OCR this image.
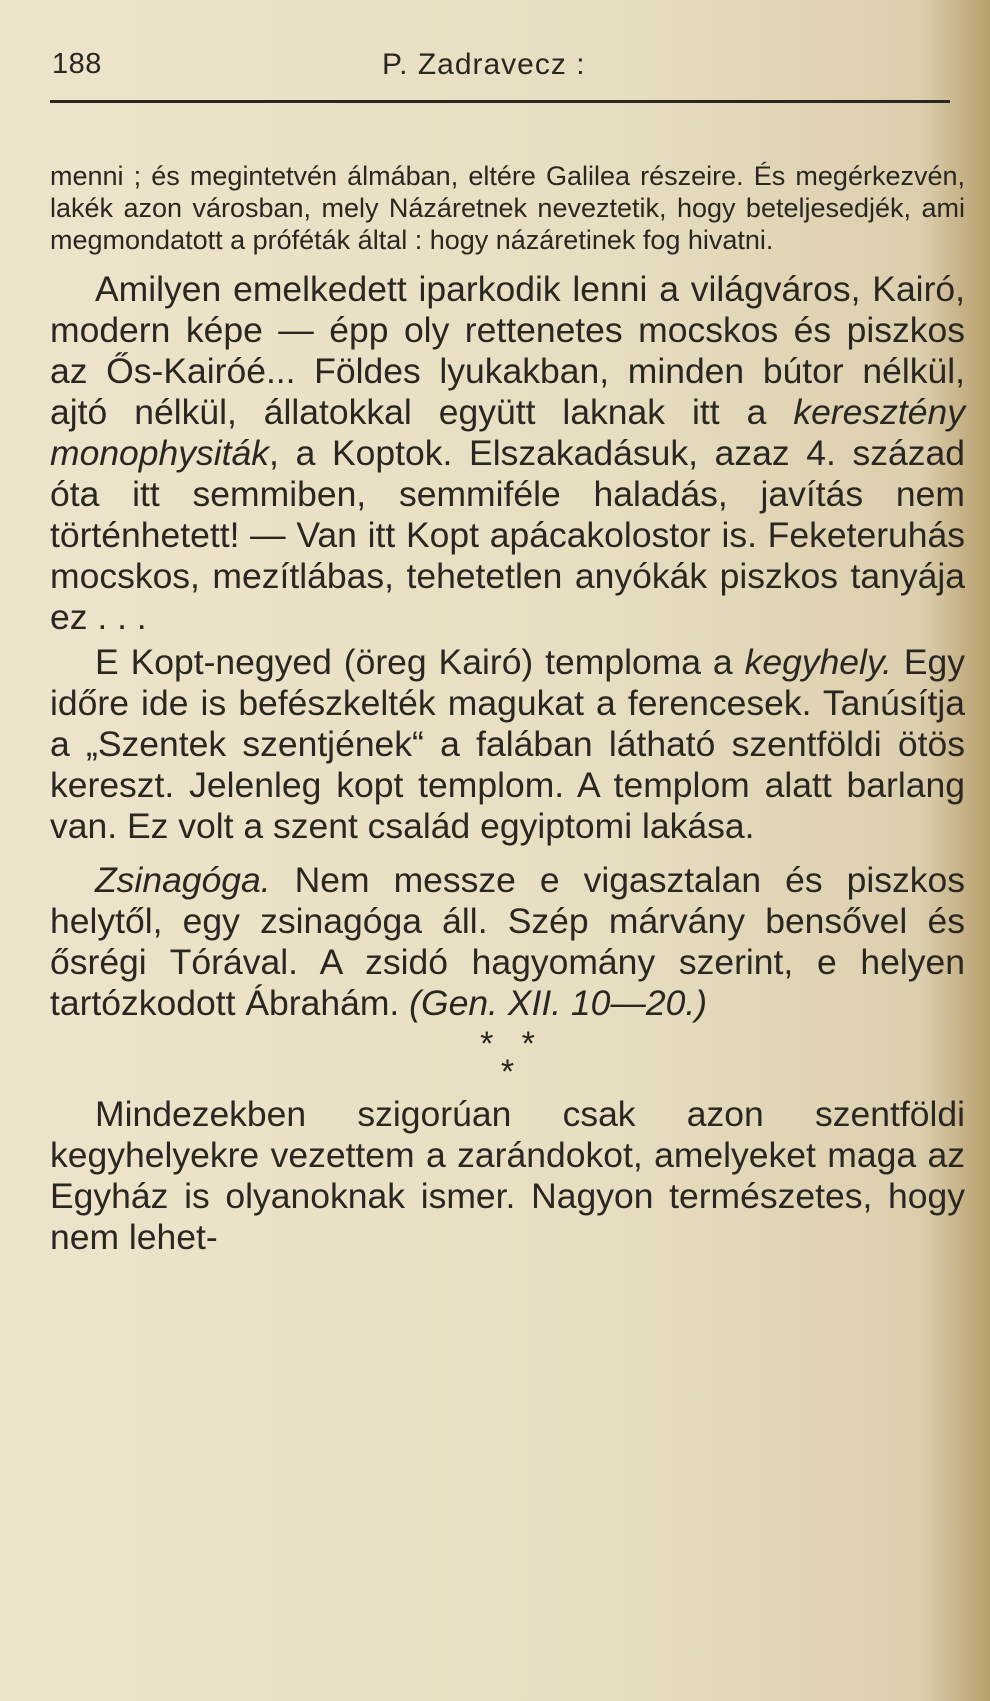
188	P. Zadravecz :

menni ; és megintetvén álmában, eltére Galilea részeire. És megérkezvén, lakék azon városban, mely Názáretnek neveztetik, hogy beteljesedjék, ami megmondatott a próféták által : hogy názáretinek fog hivatni.

Amilyen emelkedett iparkodik lenni a világváros, Kairó, modern képe — épp oly rettenetes mocskos és piszkos az Ős-Kairóé... Földes lyukakban, minden bútor nélkül, ajtó nélkül, állatokkal együtt laknak itt a keresztény monophysiták, a Koptok. Elszakadásuk, azaz 4. század óta itt semmiben, semmiféle haladás, javítás nem történhetett! — Van itt Kopt apácakolostor is. Feketeruhás mocskos, mezítlábas, tehetetlen anyókák piszkos tanyája ez . . .

E Kopt-negyed (öreg Kairó) temploma a kegyhely. Egy időre ide is befészkelték magukat a ferencesek. Tanúsítja a „Szentek szentjének“ a falában látható szentföldi ötös kereszt. Jelenleg kopt templom. A templom alatt barlang van. Ez volt a szent család egyiptomi lakása.

Zsinagóga. Nem messze e vigasztalan és piszkos helytől, egy zsinagóga áll. Szép márvány bensővel és ősrégi Tórával. A zsidó hagyomány szerint, e helyen tartózkodott Ábrahám. (Gen. XII. 10—20.)

*   *
*

Mindezekben szigorúan csak azon szentföldi kegyhelyekre vezettem a zarándokot, amelyeket maga az Egyház is olyanoknak ismer. Nagyon természetes, hogy nem lehet-
